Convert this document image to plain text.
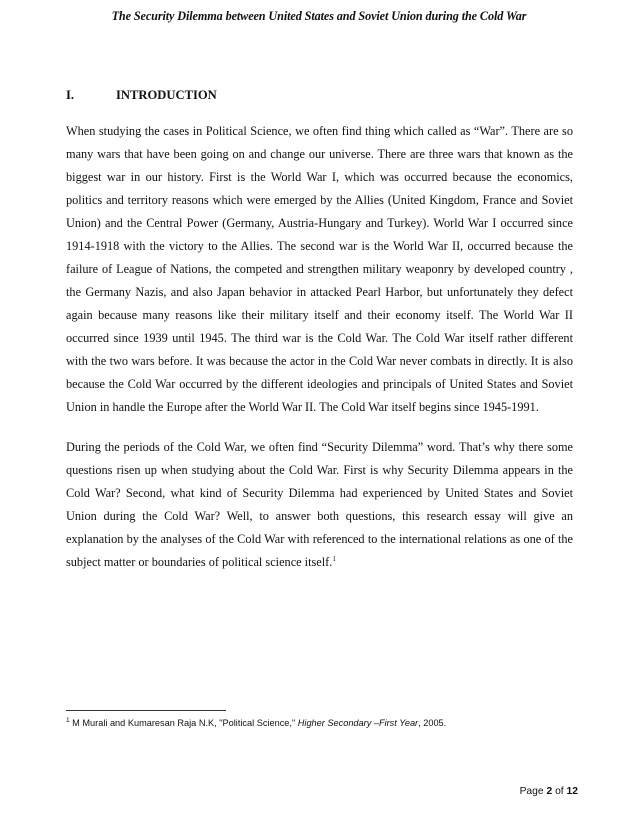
The Security Dilemma between United States and Soviet Union during the Cold War
I.	INTRODUCTION

When studying the cases in Political Science, we often find thing which called as “War”. There are so many wars that have been going on and change our universe. There are three wars that known as the biggest war in our history. First is the World War I, which was occurred because the economics, politics and territory reasons which were emerged by the Allies (United Kingdom, France and Soviet Union) and the Central Power (Germany, Austria-Hungary and Turkey). World War I occurred since 1914-1918 with the victory to the Allies. The second war is the World War II, occurred because the failure of League of Nations, the competed and strengthen military weaponry by developed country , the Germany Nazis, and also Japan behavior in attacked Pearl Harbor, but unfortunately they defect again because many reasons like their military itself and their economy itself. The World War II occurred since 1939 until 1945. The third war is the Cold War. The Cold War itself rather different with the two wars before. It was because the actor in the Cold War never combats in directly. It is also because the Cold War occurred by the different ideologies and principals of United States and Soviet Union in handle the Europe after the World War II. The Cold War itself begins since 1945-1991.

During the periods of the Cold War, we often find “Security Dilemma” word. That’s why there some questions risen up when studying about the Cold War. First is why Security Dilemma appears in the Cold War? Second, what kind of Security Dilemma had experienced by United States and Soviet Union during the Cold War? Well, to answer both questions, this research essay will give an explanation by the analyses of the Cold War with referenced to the international relations as one of the subject matter or boundaries of political science itself.$^1$

$^1$ M Murali and Kumaresan Raja N.K, "Political Science," Higher Secondary –First Year, 2005.
Page 2 of 12
